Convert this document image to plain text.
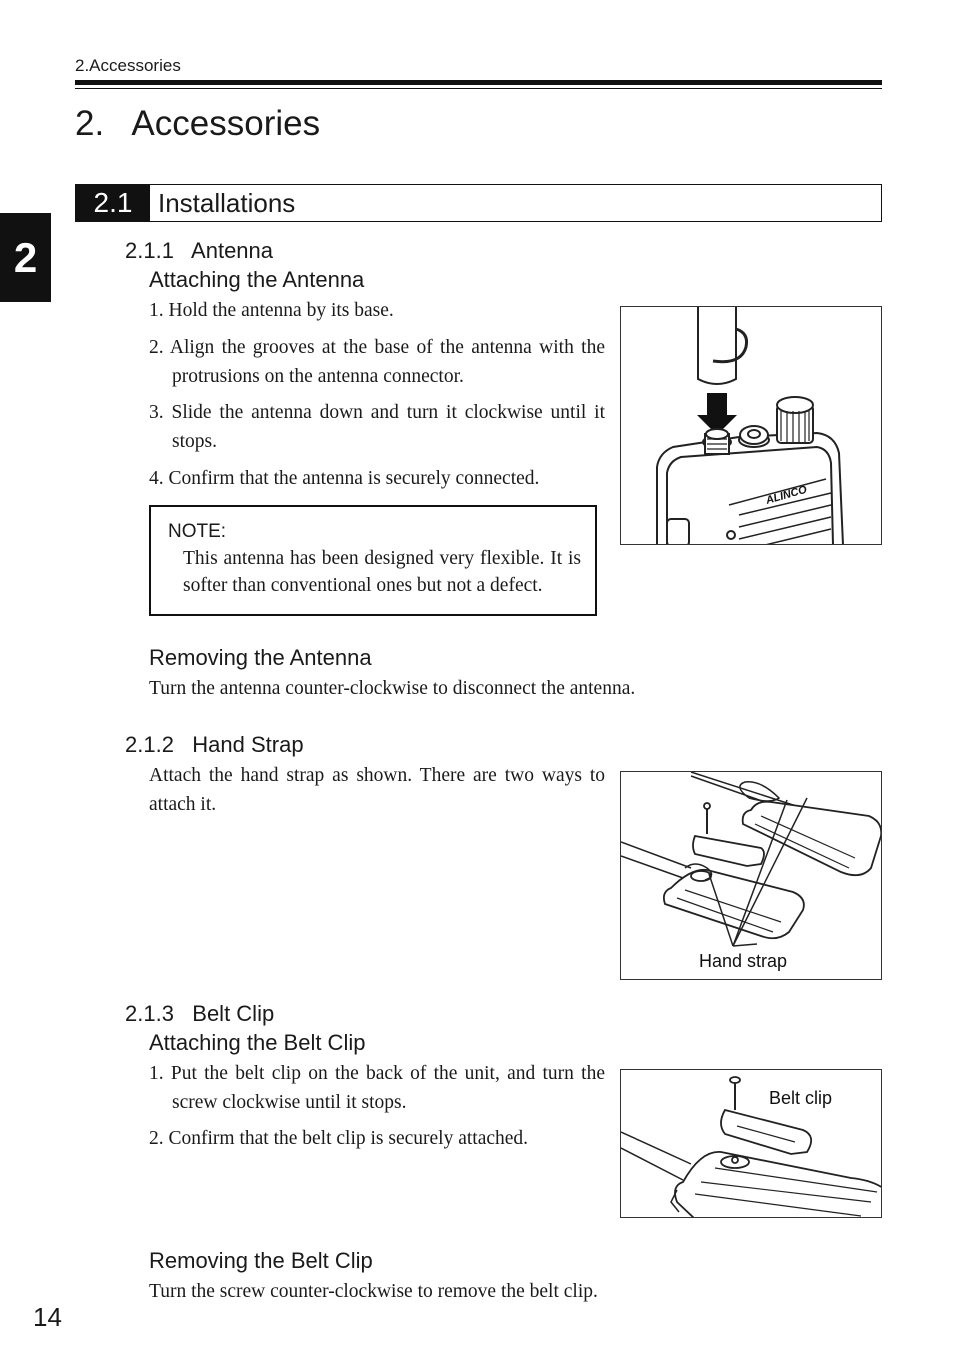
2.Accessories
2.   Accessories
2
2.1 Installations
2.1.1   Antenna
Attaching the Antenna
1. Hold the antenna by its base.
2. Align the grooves at the base of the antenna with the protrusions on the antenna connector.
3. Slide the antenna down and turn it clockwise until it stops.
4. Confirm that the antenna is securely connected.
NOTE:
This antenna has been designed very flexible. It is softer than conventional ones but not a defect.
ALINCO
Removing the Antenna
Turn the antenna counter-clockwise to disconnect the antenna.
2.1.2   Hand Strap
Attach the hand strap as shown. There are two ways to attach it.
Hand strap
2.1.3   Belt Clip
Attaching the Belt Clip
1. Put the belt clip on the back of the unit, and turn the screw clockwise until it stops.
2. Confirm that the belt clip is securely attached.
Belt clip
Removing the Belt Clip
Turn the screw counter-clockwise to remove the belt clip.
14
